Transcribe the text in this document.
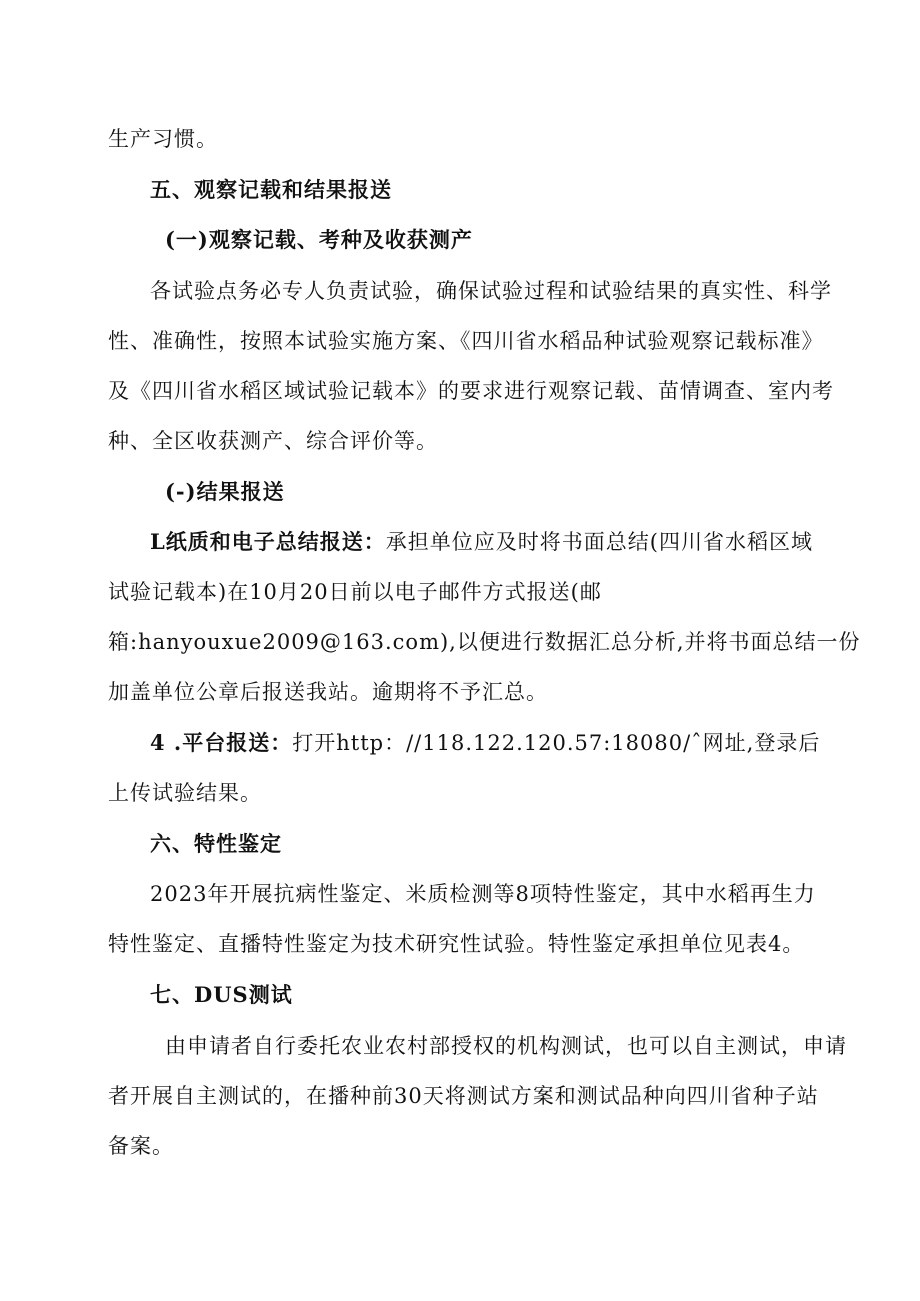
生产习惯。
五、观察记载和结果报送
(一)观察记载、考种及收获测产
各试验点务必专人负责试验，确保试验过程和试验结果的真实性、科学
性、准确性，按照本试验实施方案、《四川省水稻品种试验观察记载标准》
及《四川省水稻区域试验记载本》的要求进行观察记载、苗情调查、室内考
种、全区收获测产、综合评价等。
(-)结果报送
L纸质和电子总结报送：承担单位应及时将书面总结(四川省水稻区域
试验记载本)在10月20日前以电子邮件方式报送(邮
箱:hanyouxue2009@163.com),以便进行数据汇总分析,并将书面总结一份
加盖单位公章后报送我站。逾期将不予汇总。
4 .平台报送：打开http：//118.122.120.57:18080/ˆ网址,登录后
上传试验结果。
六、特性鉴定
2023年开展抗病性鉴定、米质检测等8项特性鉴定，其中水稻再生力
特性鉴定、直播特性鉴定为技术研究性试验。特性鉴定承担单位见表4。
七、DUS测试
由申请者自行委托农业农村部授权的机构测试，也可以自主测试，申请
者开展自主测试的，在播种前30天将测试方案和测试品种向四川省种子站
备案。
